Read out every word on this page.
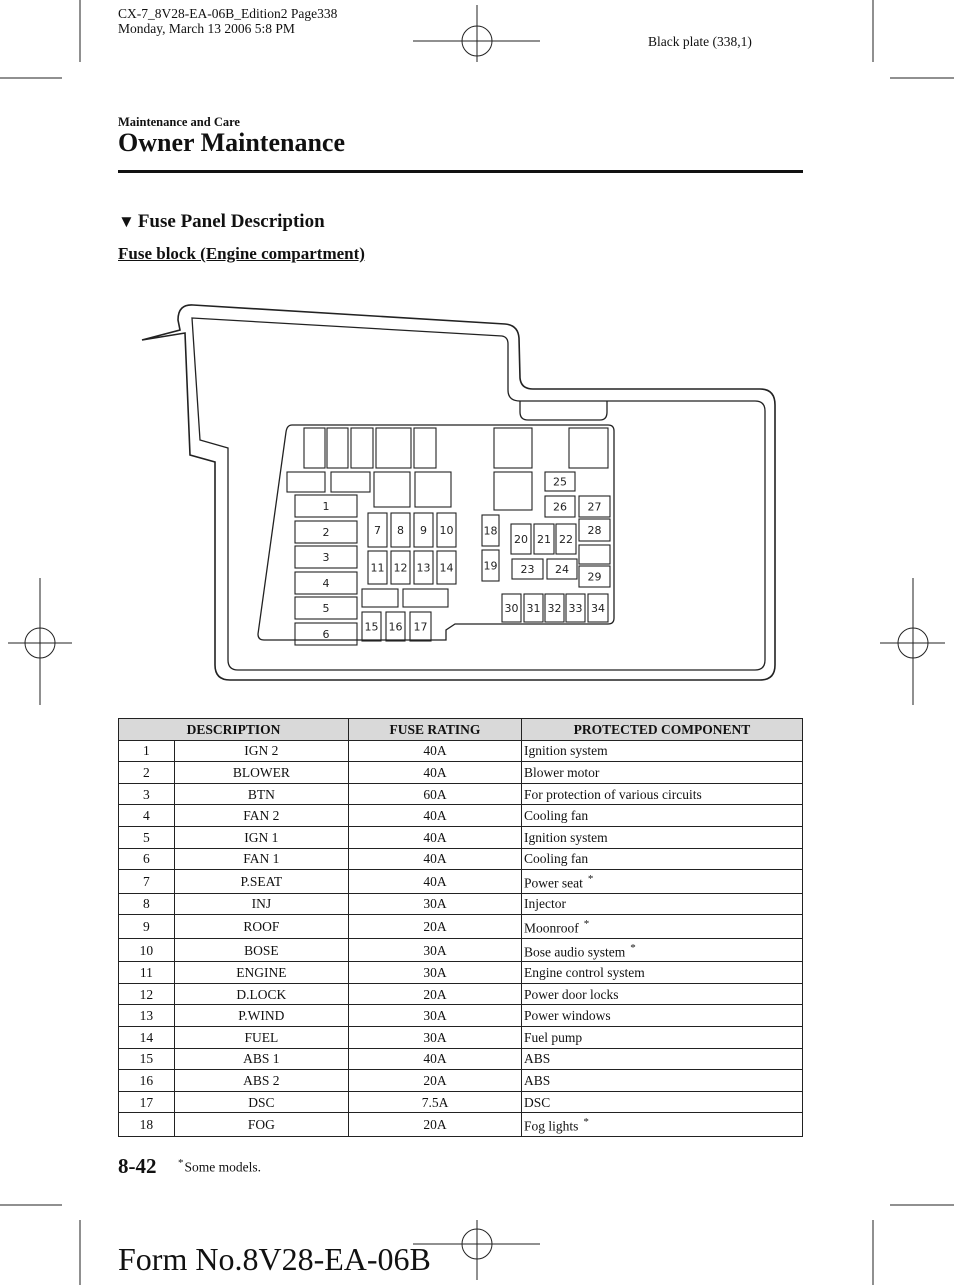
CX-7_8V28-EA-06B_Edition2 Page338
Monday, March 13 2006 5:8 PM
Black plate (338,1)
Maintenance and Care
Owner Maintenance
▼ Fuse Panel Description
Fuse block (Engine compartment)
1
2
3
4
5
6
7 8 9 10
11 12 13 14
15 16 17
18
19
20 21 22
23 24
25
26 27
28
29
30 31 32 33 34
DESCRIPTION		FUSE RATING	PROTECTED COMPONENT
1	IGN 2	40A	Ignition system
2	BLOWER	40A	Blower motor
3	BTN	60A	For protection of various circuits
4	FAN 2	40A	Cooling fan
5	IGN 1	40A	Ignition system
6	FAN 1	40A	Cooling fan
7	P.SEAT	40A	Power seat *
8	INJ	30A	Injector
9	ROOF	20A	Moonroof *
10	BOSE	30A	Bose audio system *
11	ENGINE	30A	Engine control system
12	D.LOCK	20A	Power door locks
13	P.WIND	30A	Power windows
14	FUEL	30A	Fuel pump
15	ABS 1	40A	ABS
16	ABS 2	20A	ABS
17	DSC	7.5A	DSC
18	FOG	20A	Fog lights *
8-42 *Some models.
Form No.8V28-EA-06B
